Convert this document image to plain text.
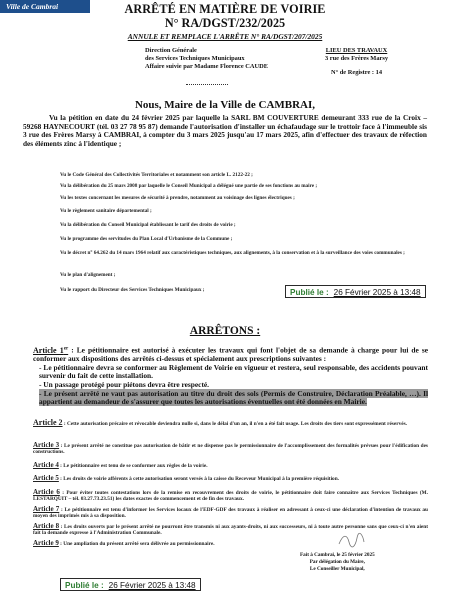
Ville de Cambrai	ARRÊTÉ EN MATIÈRE DE VOIRIE
N° RA/DGST/232/2025
ANNULE ET REMPLACE L'ARRÊTE N° RA/DGST/207/2025
Direction Générale
des Services Techniques Municipaux
Affaire suivie par Madame Florence CAUDE
LIEU DES TRAVAUX
3 rue des Frères Marsy
N° de Registre : 14
Nous, Maire de la Ville de CAMBRAI,
Vu la pétition en date du 24 février 2025 par laquelle la SARL BM COUVERTURE demeurant 333 rue de la Croix – 59268 HAYNECOURT (tél. 03 27 78 95 87) demande l'autorisation d'installer un échafaudage sur le trottoir face à l'immeuble sis 3 rue des Frères Marsy à CAMBRAI, à compter du 3 mars 2025 jusqu'au 17 mars 2025, afin d'effectuer des travaux de réfection des éléments zinc à l'identique ;
Vu le Code Général des Collectivités Territoriales et notamment son article L. 2122-22 ;
Vu la délibération du 25 mars 2008 par laquelle le Conseil Municipal a délégué une partie de ses fonctions au maire ;
Vu les textes concernant les mesures de sécurité à prendre, notamment au voisinage des lignes électriques ;
Vu le règlement sanitaire départemental ;
Vu la délibération du Conseil Municipal établissant le tarif des droits de voirie ;
Vu le programme des servitudes du Plan Local d'Urbanisme de la Commune ;
Vu le décret n° 64.262 du 14 mars 1964 relatif aux caractéristiques techniques, aux alignements, à la conservation et à la surveillance des voies communales ;
Vu le plan d'alignement ;
Vu le rapport du Directeur des Services Techniques Municipaux ;	Publié le : 26 Février 2025 à 13:48
ARRÊTONS :
Article 1er : Le pétitionnaire est autorisé à exécuter les travaux qui font l'objet de sa demande à charge pour lui de se conformer aux dispositions des arrêtés ci-dessus et spécialement aux prescriptions suivantes :
- Le pétitionnaire devra se conformer au Règlement de Voirie en vigueur et restera, seul responsable, des accidents pouvant survenir du fait de cette installation.
- Un passage protégé pour piétons devra être respecté.
- Le présent arrêté ne vaut pas autorisation au titre du droit des sols (Permis de Construire, Déclaration Préalable, …). Il appartient au demandeur de s'assurer que toutes les autorisations éventuelles ont été données en Mairie.
Article 2 : Cette autorisation précaire et révocable deviendra nulle si, dans le délai d'un an, il n'en a été fait usage. Les droits des tiers sont expressément réservés.
Article 3 : Le présent arrêté ne constitue pas autorisation de bâtir et ne dispense pas le permissionnaire de l'accomplissement des formalités prévues pour l'édification des constructions.
Article 4 : Le pétitionnaire est tenu de se conformer aux règles de la voirie.
Article 5 : Les droits de voirie afférents à cette autorisation seront versés à la caisse du Receveur Municipal à la première réquisition.
Article 6 : Pour éviter toutes contestations lors de la remise en recouvrement des droits de voirie, le pétitionnaire doit faire connaître aux Services Techniques (M. LESTARQUIT – tél. 03.27.73.23.51) les dates exactes de commencement et de fin des travaux.
Article 7 : Le pétitionnaire est tenu d'informer les Services locaux de l'EDF-GDF des travaux à réaliser en adressant à ceux-ci une déclaration d'intention de travaux au moyen des imprimés mis à sa disposition.
Article 8 : Les droits ouverts par le présent arrêté ne pourront être transmis ni aux ayants-droits, ni aux successeurs, ni à toute autre personne sans que ceux-ci n'en aient fait la demande expresse à l'Administration Communale.
Article 9 : Une ampliation du présent arrêté sera délivrée au permissionnaire.
Fait à Cambrai, le 25 février 2025
Par délégation du Maire,
Le Conseiller Municipal,
Publié le : 26 Février 2025 à 13:48
